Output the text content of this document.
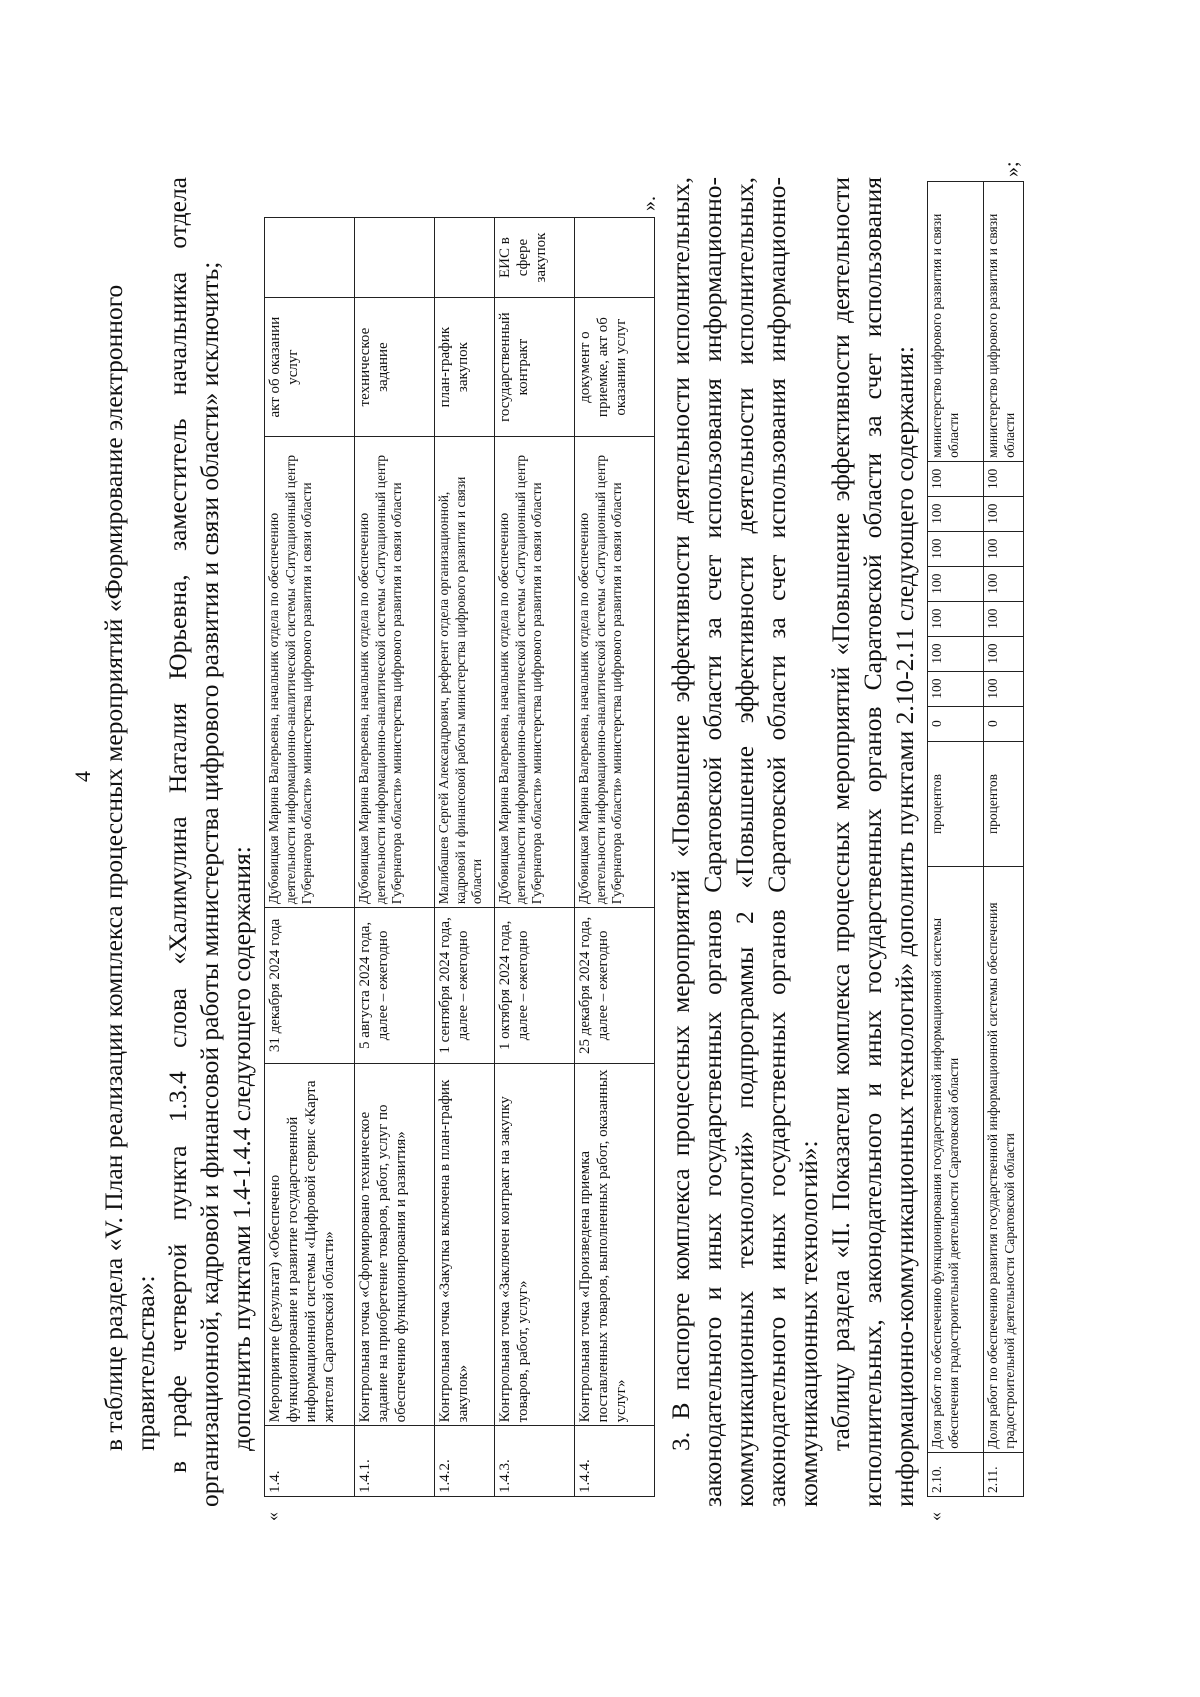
4 в таблице раздела «V. План реализации комплекса процессных мероприятий «Формирование электронного правительства»: в графе четвертой пункта 1.3.4 слова «Халимулина Наталия Юрьевна, заместитель начальника отдела организационной, кадровой и финансовой работы министерства цифрового развития и связи области» исключить; дополнить пунктами 1.4-1.4.4 следующего содержания:

«
1.4.	Мероприятие (результат) «Обеспечено функционирование и развитие государственной информационной системы «Цифровой сервис «Карта жителя Саратовской области»	31 декабря 2024 года	Дубовицкая Марина Валерьевна, начальник отдела по обеспечению деятельности информационно-аналитической системы «Ситуационный центр Губернатора области» министерства цифрового развития и связи области	акт об оказании услуг	
1.4.1.	Контрольная точка «Сформировано техническое задание на приобретение товаров, работ, услуг по обеспечению функционирования и развития»	5 августа 2024 года, далее – ежегодно	Дубовицкая Марина Валерьевна, начальник отдела по обеспечению деятельности информационно-аналитической системы «Ситуационный центр Губернатора области» министерства цифрового развития и связи области	техническое задание	
1.4.2.	Контрольная точка «Закупка включена в план-график закупок»	1 сентября 2024 года, далее – ежегодно	Малибашев Сергей Александрович, референт отдела организационной, кадровой и финансовой работы министерства цифрового развития и связи области	план-график закупок	
1.4.3.	Контрольная точка «Заключен контракт на закупку товаров, работ, услуг»	1 октября 2024 года, далее – ежегодно	Дубовицкая Марина Валерьевна, начальник отдела по обеспечению деятельности информационно-аналитической системы «Ситуационный центр Губернатора области» министерства цифрового развития и связи области	государственный контракт	ЕИС в сфере закупок
1.4.4.	Контрольная точка «Произведена приемка поставленных товаров, выполненных работ, оказанных услуг»	25 декабря 2024 года, далее – ежегодно	Дубовицкая Марина Валерьевна, начальник отдела по обеспечению деятельности информационно-аналитической системы «Ситуационный центр Губернатора области» министерства цифрового развития и связи области	документ о приемке, акт об оказании услуг	
». 3. В паспорте комплекса процессных мероприятий «Повышение эффективности деятельности исполнительных, законодательного и иных государственных органов Саратовской области за счет использования информационно- коммуникационных технологий» подпрограммы 2 «Повышение эффективности деятельности исполнительных, законодательного и иных государственных органов Саратовской области за счет использования информационно- коммуникационных технологий»: таблицу раздела «II. Показатели комплекса процессных мероприятий «Повышение эффективности деятельности исполнительных, законодательного и иных государственных органов Саратовской области за счет использования информационно-коммуникационных технологий» дополнить пунктами 2.10-2.11 следующего содержания:

«
2.10.	Доля работ по обеспечению функционирования государственной информационной системы обеспечения градостроительной деятельности Саратовской области	процентов	0	100	100	100	100	100	100	100	министерство цифрового развития и связи области
2.11.	Доля работ по обеспечению развития государственной информационной системы обеспечения градостроительной деятельности Саратовской области	процентов	0	100	100	100	100	100	100	100	министерство цифрового развития и связи области
»;
